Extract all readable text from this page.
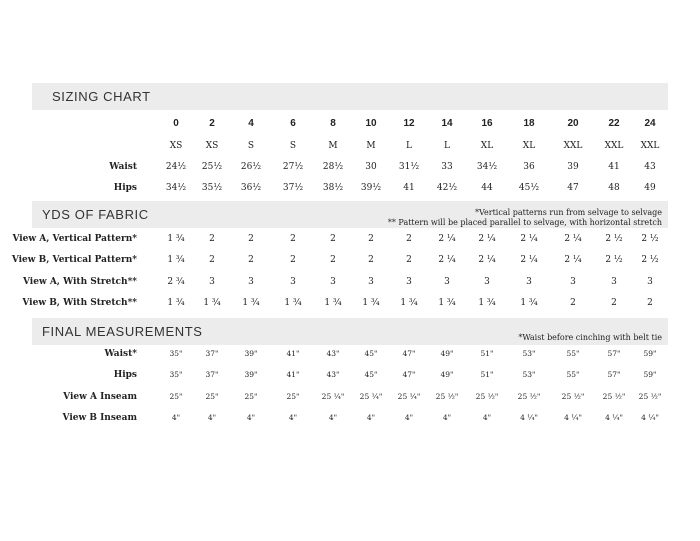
SIZING CHART
YDS OF FABRIC	*Vertical patterns run from selvage to selvage
** Pattern will be placed parallel to selvage, with horizontal stretch
FINAL MEASUREMENTS	*Waist before cinching with belt tie
0	2	4	6	8	10	12	14	16	18	20	22	24
XS	XS	S	S	M	M	L	L	XL	XL	XXL	XXL	XXL
Waist	24½	25½	26½	27½	28½	30	31½	33	34½	36	39	41	43
Hips	34½	35½	36½	37½	38½	39½	41	42½	44	45½	47	48	49
View A, Vertical Pattern*	1 ¾	2	2	2	2	2	2	2 ¼	2 ¼	2 ¼	2 ¼	2 ½	2 ½
View B, Vertical Pattern*	1 ¾	2	2	2	2	2	2	2 ¼	2 ¼	2 ¼	2 ¼	2 ½	2 ½
View A, With Stretch**	2 ¾	3	3	3	3	3	3	3	3	3	3	3	3
View B, With Stretch**	1 ¾	1 ¾	1 ¾	1 ¾	1 ¾	1 ¾	1 ¾	1 ¾	1 ¾	1 ¾	2	2	2
Waist*	35"	37"	39"	41"	43"	45"	47"	49"	51"	53"	55"	57"	59"
Hips	35"	37"	39"	41"	43"	45"	47"	49"	51"	53"	55"	57"	59"
View A Inseam	25"	25"	25"	25"	25 ¼"	25 ¼"	25 ¼"	25 ½"	25 ½"	25 ½"	25 ½"	25 ½"	25 ½"
View B Inseam	4"	4"	4"	4"	4"	4"	4"	4"	4"	4 ¼"	4 ¼"	4 ¼"	4 ¼"
